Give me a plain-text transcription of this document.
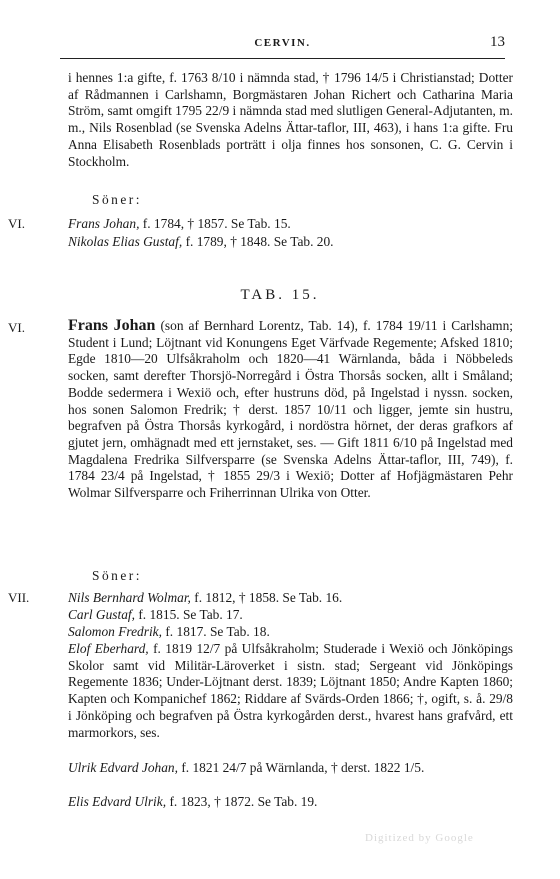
CERVIN.	13
i hennes 1:a gifte, f. 1763 8/10 i nämnda stad, † 1796 14/5 i Christianstad; Dotter af Rådmannen i Carlshamn, Borgmästaren Johan Richert och Catharina Maria Ström, samt omgift 1795 22/9 i nämnda stad med slutligen General-Adjutanten, m. m., Nils Rosenblad (se Svenska Adelns Ättar-taflor, III, 463), i hans 1:a gifte. Fru Anna Elisabeth Rosenblads porträtt i olja finnes hos sonsonen, C. G. Cervin i Stockholm.
Söner:
VI.	Frans Johan, f. 1784, † 1857. Se Tab. 15.
Nikolas Elias Gustaf, f. 1789, † 1848. Se Tab. 20.
TAB. 15.
VI.	Frans Johan (son af Bernhard Lorentz, Tab. 14), f. 1784 19/11 i Carlshamn; Student i Lund; Löjtnant vid Konungens Eget Värfvade Regemente; Afsked 1810; Egde 1810—20 Ulfsåkraholm och 1820—41 Wärnlanda, båda i Nöbbeleds socken, samt derefter Thorsjö-Norregård i Östra Thorsås socken, allt i Småland; Bodde sedermera i Wexiö och, efter hustruns död, på Ingelstad i nyssn. socken, hos sonen Salomon Fredrik; † derst. 1857 10/11 och ligger, jemte sin hustru, begrafven på Östra Thorsås kyrkogård, i nordöstra hörnet, der deras grafkors af gjutet jern, omhägnadt med ett jernstaket, ses. — Gift 1811 6/10 på Ingelstad med Magdalena Fredrika Silfversparre (se Svenska Adelns Ättar-taflor, III, 749), f. 1784 23/4 på Ingelstad, † 1855 29/3 i Wexiö; Dotter af Hofjägmästaren Pehr Wolmar Silfversparre och Friherrinnan Ulrika von Otter.
Söner:
VII.	Nils Bernhard Wolmar, f. 1812, † 1858. Se Tab. 16.
Carl Gustaf, f. 1815. Se Tab. 17.
Salomon Fredrik, f. 1817. Se Tab. 18.
Elof Eberhard, f. 1819 12/7 på Ulfsåkraholm; Studerade i Wexiö och Jönköpings Skolor samt vid Militär-Läroverket i sistn. stad; Sergeant vid Jönköpings Regemente 1836; Under-Löjtnant derst. 1839; Löjtnant 1850; Andre Kapten 1860; Kapten och Kompanichef 1862; Riddare af Svärds-Orden 1866; †, ogift, s. å. 29/8 i Jönköping och begrafven på Östra kyrkogården derst., hvarest hans grafvård, ett marmorkors, ses.
Ulrik Edvard Johan, f. 1821 24/7 på Wärnlanda, † derst. 1822 1/5.
Elis Edvard Ulrik, f. 1823, † 1872. Se Tab. 19.
Digitized by Google
